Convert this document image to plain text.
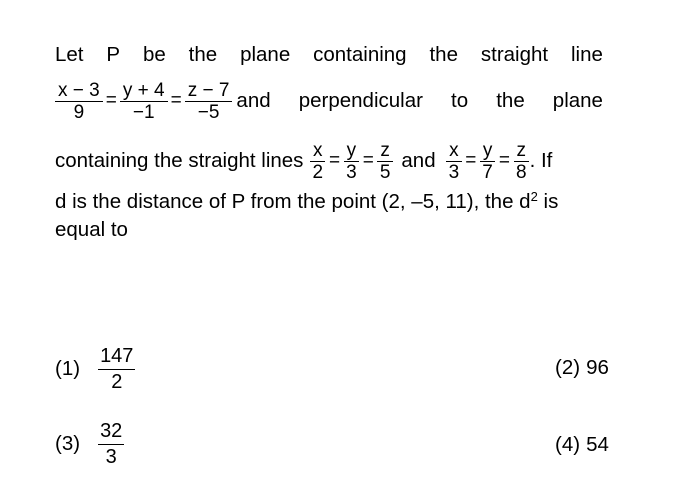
Let P be the plane containing the straight line
$\frac{x - 3}{9} = \frac{y + 4}{-1} = \frac{z - 7}{-5}$ and perpendicular to the plane
containing the straight lines $\frac{x}{2} = \frac{y}{3} = \frac{z}{5}$ and $\frac{x}{3} = \frac{y}{7} = \frac{z}{8}$ . If
d is the distance of P from the point (2, –5, 11), the $d^2$ is
equal to
$(1) \frac{147}{2}$	(2) 96
$(3) \frac{32}{3}$	(4) 54
